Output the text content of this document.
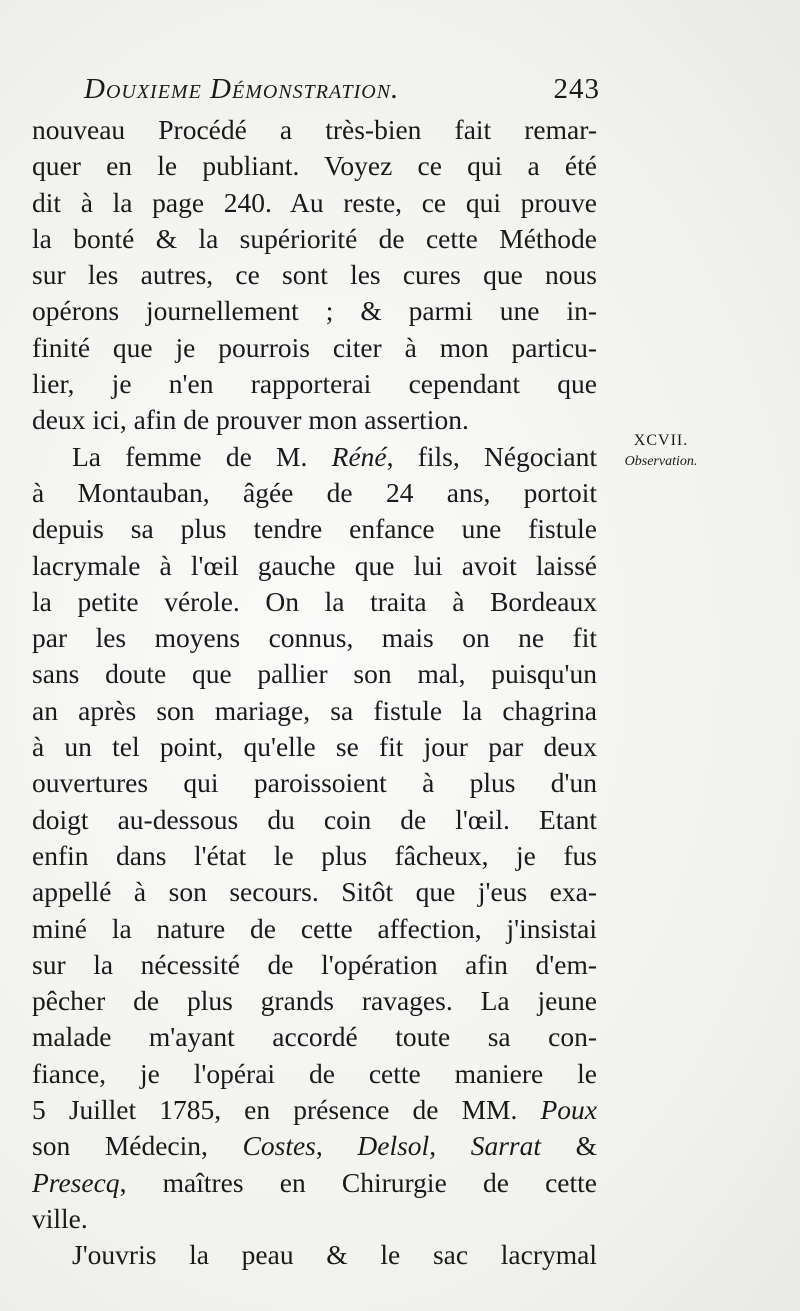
Douxieme Démonstration.	243
nouveau Procédé a très-bien fait remar-
quer en le publiant. Voyez ce qui a été
dit à la page 240. Au reste, ce qui prouve
la bonté & la supériorité de cette Méthode
sur les autres, ce sont les cures que nous
opérons journellement ; & parmi une in-
finité que je pourrois citer à mon particu-
lier, je n'en rapporterai cependant que
deux ici, afin de prouver mon assertion.
La femme de M. Réné, fils, Négociant
à Montauban, âgée de 24 ans, portoit
depuis sa plus tendre enfance une fistule
lacrymale à l'œil gauche que lui avoit laissé
la petite vérole. On la traita à Bordeaux
par les moyens connus, mais on ne fit
sans doute que pallier son mal, puisqu'un
an après son mariage, sa fistule la chagrina
à un tel point, qu'elle se fit jour par deux
ouvertures qui paroissoient à plus d'un
doigt au-dessous du coin de l'œil. Etant
enfin dans l'état le plus fâcheux, je fus
appellé à son secours. Sitôt que j'eus exa-
miné la nature de cette affection, j'insistai
sur la nécessité de l'opération afin d'em-
pêcher de plus grands ravages. La jeune
malade m'ayant accordé toute sa con-
fiance, je l'opérai de cette maniere le
5 Juillet 1785, en présence de MM. Poux
son Médecin, Costes, Delsol, Sarrat &
Presecq, maîtres en Chirurgie de cette
ville.
J'ouvris la peau & le sac lacrymal
XCVII.
Observation.
